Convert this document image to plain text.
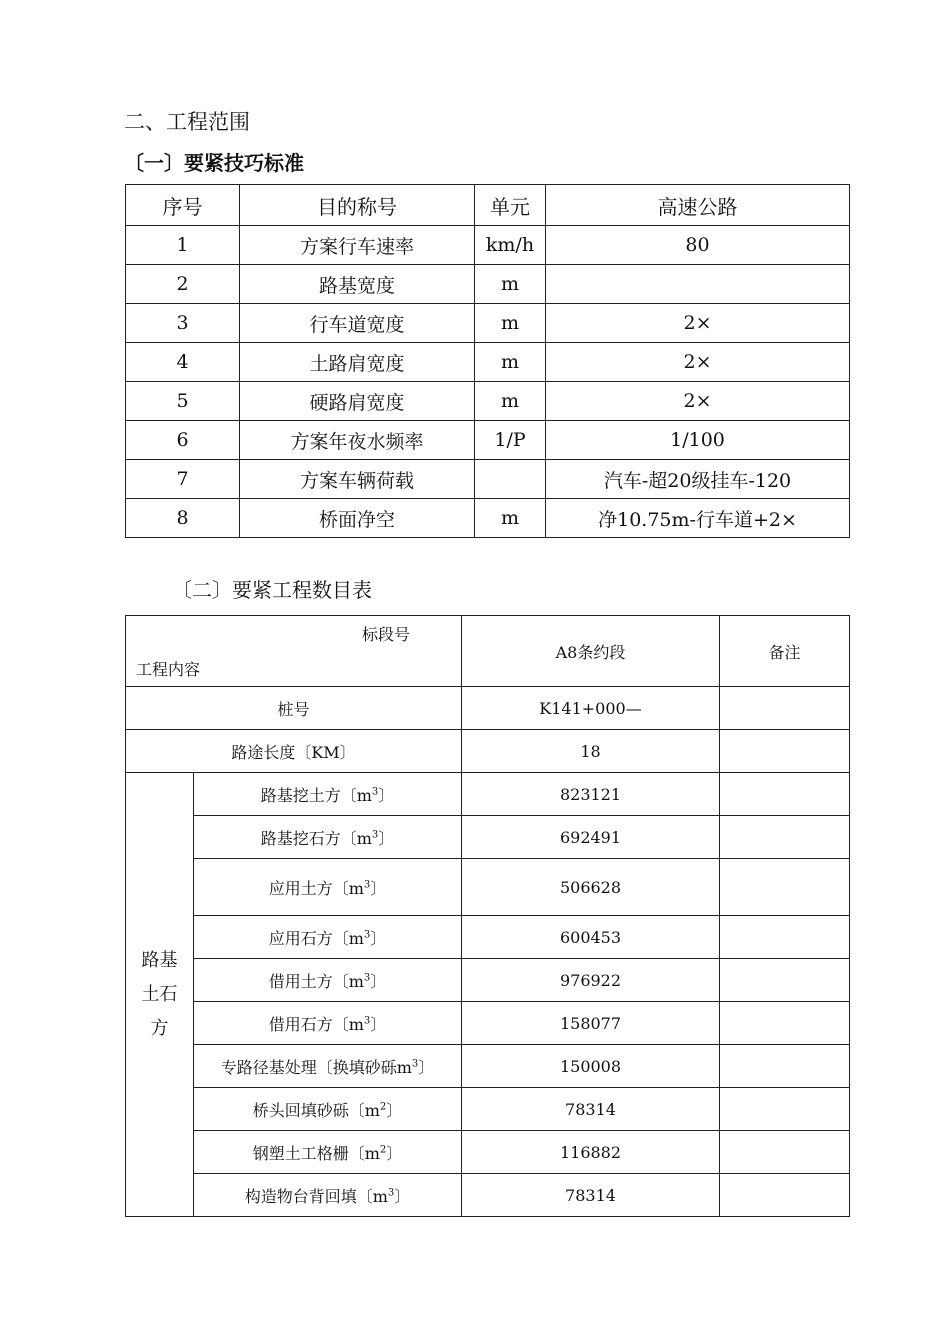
二、工程范围
〔一〕要紧技巧标准
序号	目的称号	单元	高速公路
1	方案行车速率	km/h	80
2	路基宽度	m	
3	行车道宽度	m	2×
4	土路肩宽度	m	2×
5	硬路肩宽度	m	2×
6	方案年夜水频率	1/P	1/100
7	方案车辆荷载		汽车-超20级挂车-120
8	桥面净空	m	净10.75m-行车道+2×
〔二〕要紧工程数目表
标段号
工程内容		A8条约段	备注
桩号		K141+000—	
路途长度〔KM〕		18	

路基
土石
方	路基挖土方〔$m^3$〕	823121	
	路基挖石方〔$m^3$〕	692491	
	应用土方〔$m^3$〕	506628	
	应用石方〔$m^3$〕	600453	
	借用土方〔$m^3$〕	976922	
	借用石方〔$m^3$〕	158077	
	专路径基处理〔换填砂砾$m^3$〕	150008	
	桥头回填砂砾〔$m^2$〕	78314	
	钢塑土工格栅〔$m^2$〕	116882	
	构造物台背回填〔$m^3$〕	78314	
